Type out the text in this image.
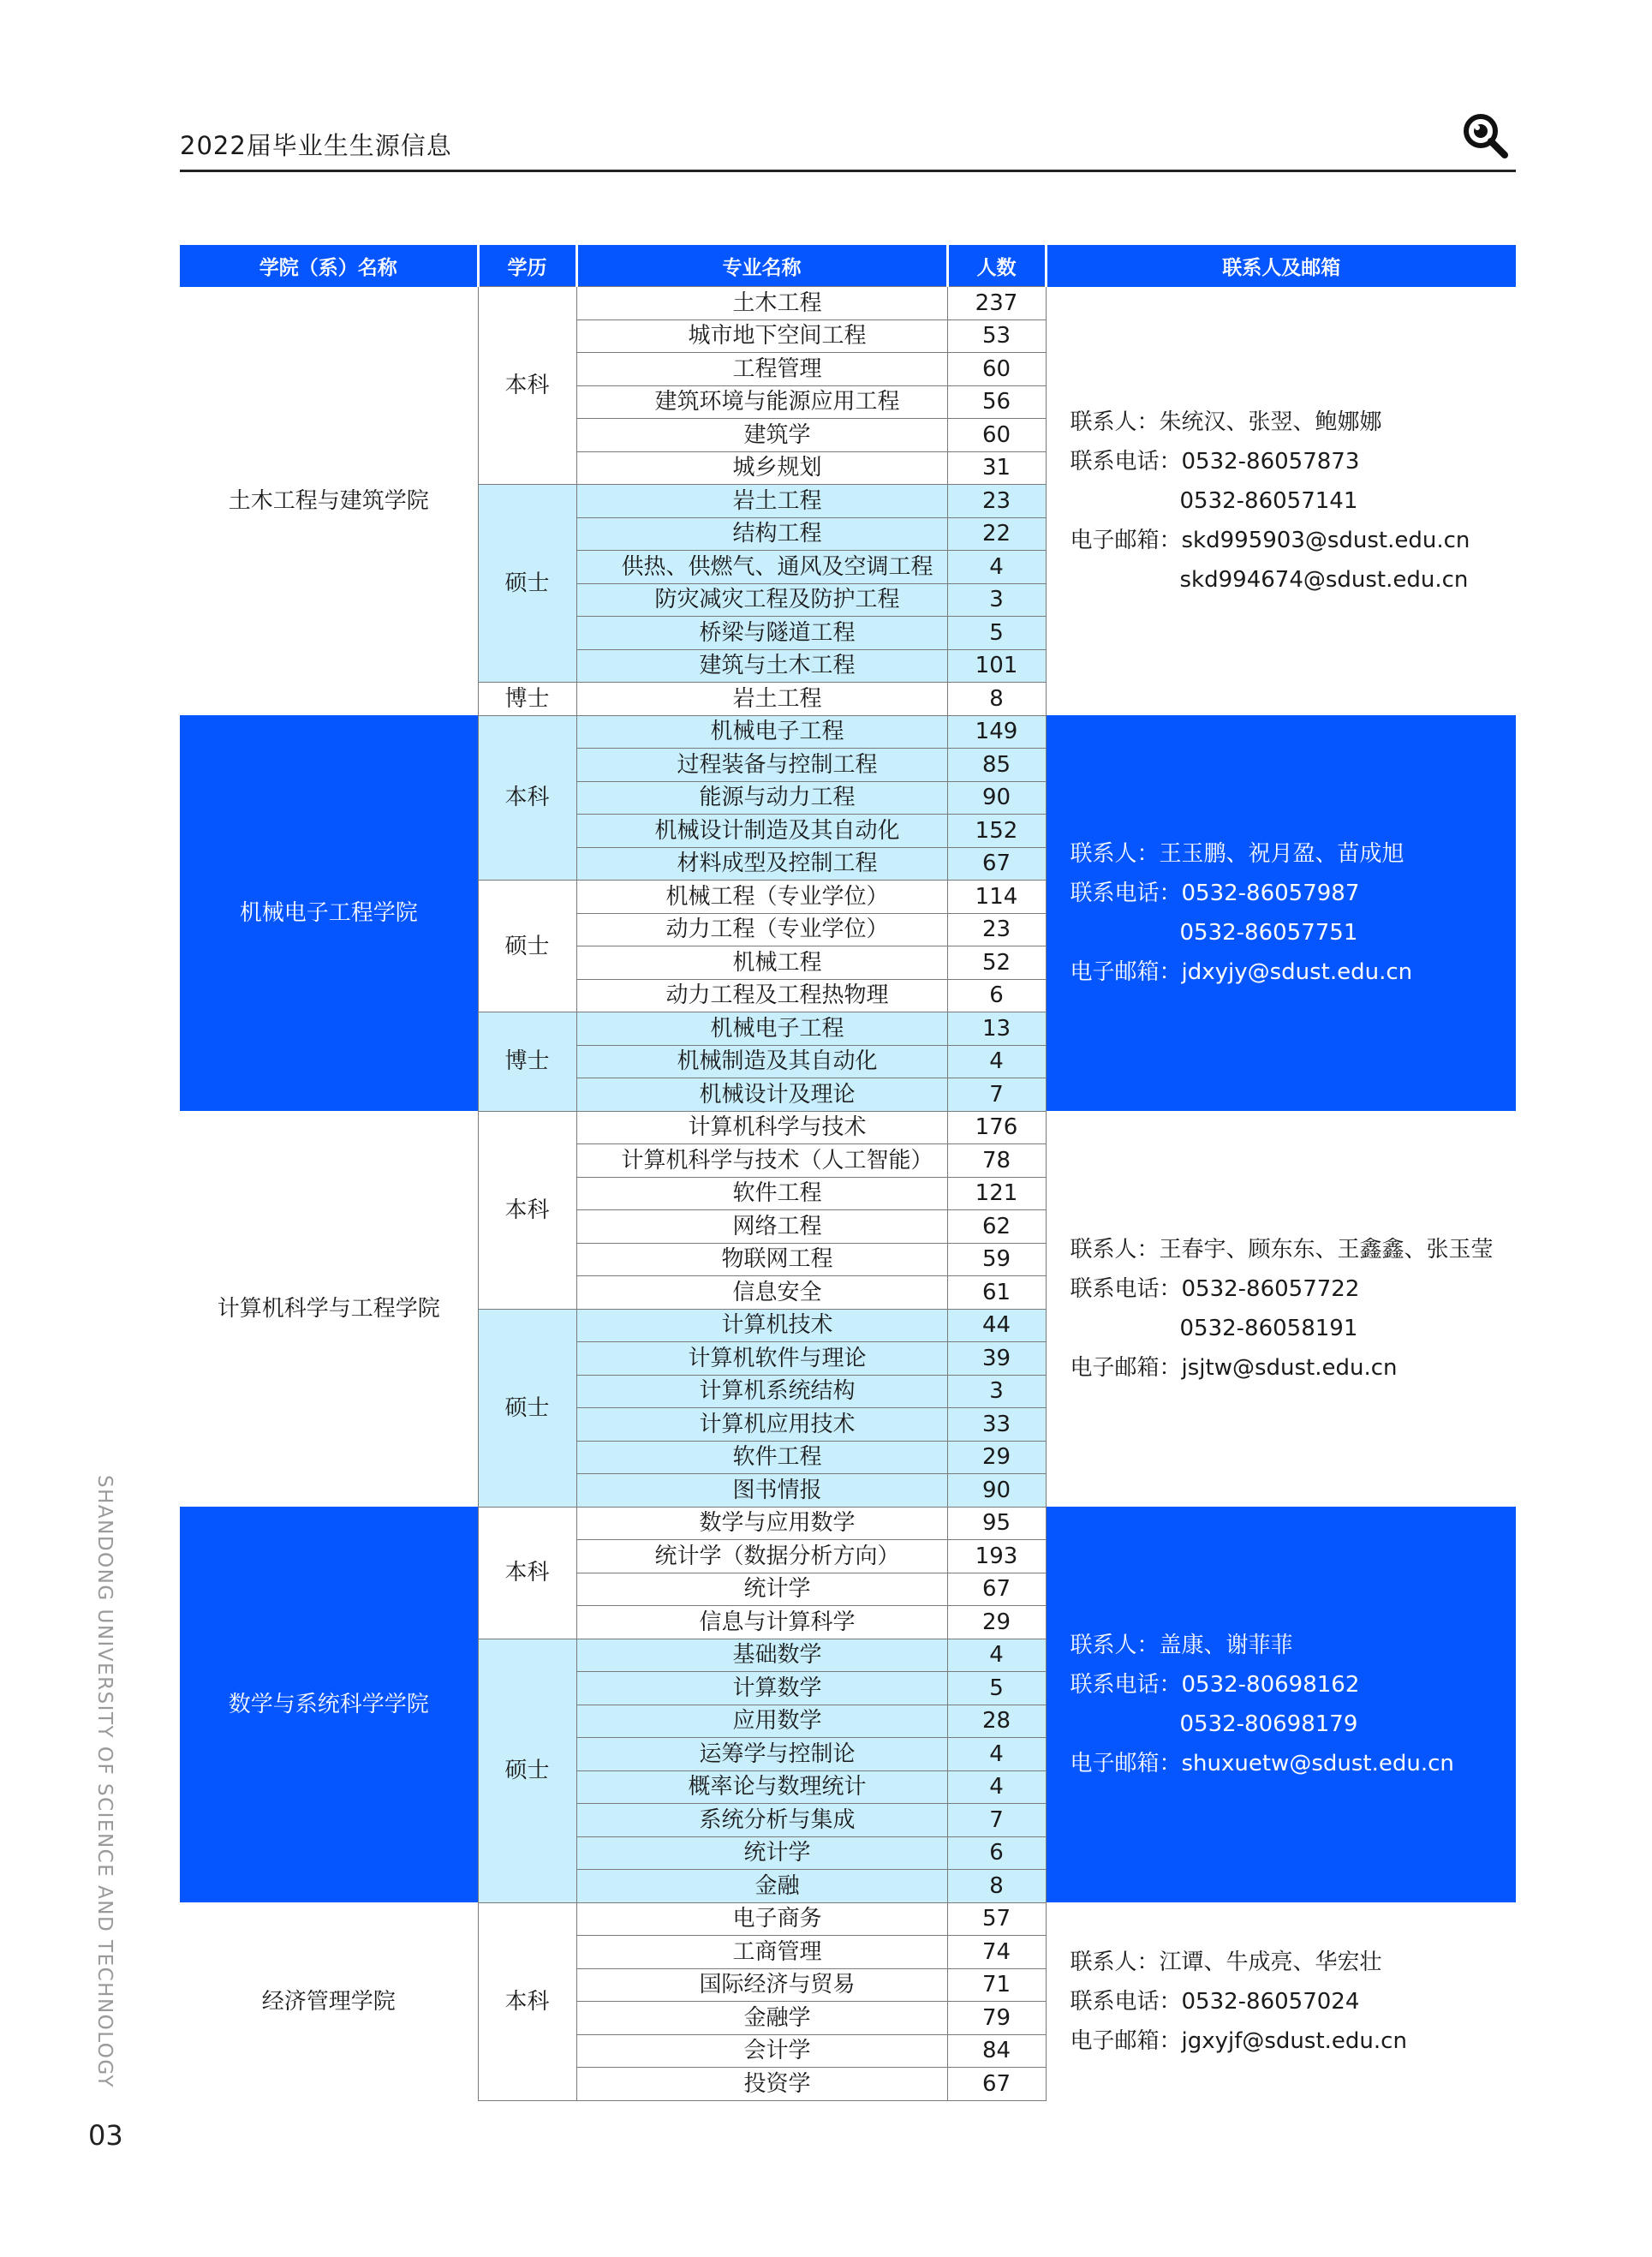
2022届毕业生生源信息
学院（系）名称	学历	专业名称	人数	联系人及邮箱
土木工程与建筑学院	本科	土木工程	237	联系人：朱统汉、张翌、鲍娜娜
联系电话：0532-86057873
0532-86057141
电子邮箱：skd995903@sdust.edu.cn
skd994674@sdust.edu.cn

		城市地下空间工程	53	
		工程管理	60	
		建筑环境与能源应用工程	56	
		建筑学	60	
		城乡规划	31	
	硕士	岩土工程	23	
		结构工程	22	
		供热、供燃气、通风及空调工程	4	
		防灾减灾工程及防护工程	3	
		桥梁与隧道工程	5	
		建筑与土木工程	101	
	博士	岩土工程	8	
机械电子工程学院	本科	机械电子工程	149	联系人：王玉鹏、祝月盈、苗成旭
联系电话：0532-86057987
0532-86057751
电子邮箱：jdxyjy@sdust.edu.cn

		过程装备与控制工程	85	
		能源与动力工程	90	
		机械设计制造及其自动化	152	
		材料成型及控制工程	67	
	硕士	机械工程（专业学位）	114	
		动力工程（专业学位）	23	
		机械工程	52	
		动力工程及工程热物理	6	
	博士	机械电子工程	13	
		机械制造及其自动化	4	
		机械设计及理论	7	
计算机科学与工程学院	本科	计算机科学与技术	176	联系人：王春宇、顾东东、王鑫鑫、张玉莹
联系电话：0532-86057722
0532-86058191
电子邮箱：jsjtw@sdust.edu.cn

		计算机科学与技术（人工智能）	78	
		软件工程	121	
		网络工程	62	
		物联网工程	59	
		信息安全	61	
	硕士	计算机技术	44	
		计算机软件与理论	39	
		计算机系统结构	3	
		计算机应用技术	33	
		软件工程	29	
		图书情报	90	
数学与系统科学学院	本科	数学与应用数学	95	联系人：盖康、谢菲菲
联系电话：0532-80698162
0532-80698179
电子邮箱：shuxuetw@sdust.edu.cn

		统计学（数据分析方向）	193	
		统计学	67	
		信息与计算科学	29	
	硕士	基础数学	4	
		计算数学	5	
		应用数学	28	
		运筹学与控制论	4	
		概率论与数理统计	4	
		系统分析与集成	7	
		统计学	6	
		金融	8	
经济管理学院	本科	电子商务	57	联系人：江谭、牛成亮、华宏壮
联系电话：0532-86057024
电子邮箱：jgxyjf@sdust.edu.cn

		工商管理	74	
		国际经济与贸易	71	
		金融学	79	
		会计学	84	
		投资学	67	
SHANDONG UNIVERSITY OF SCIENCE AND TECHNOLOGY
03
